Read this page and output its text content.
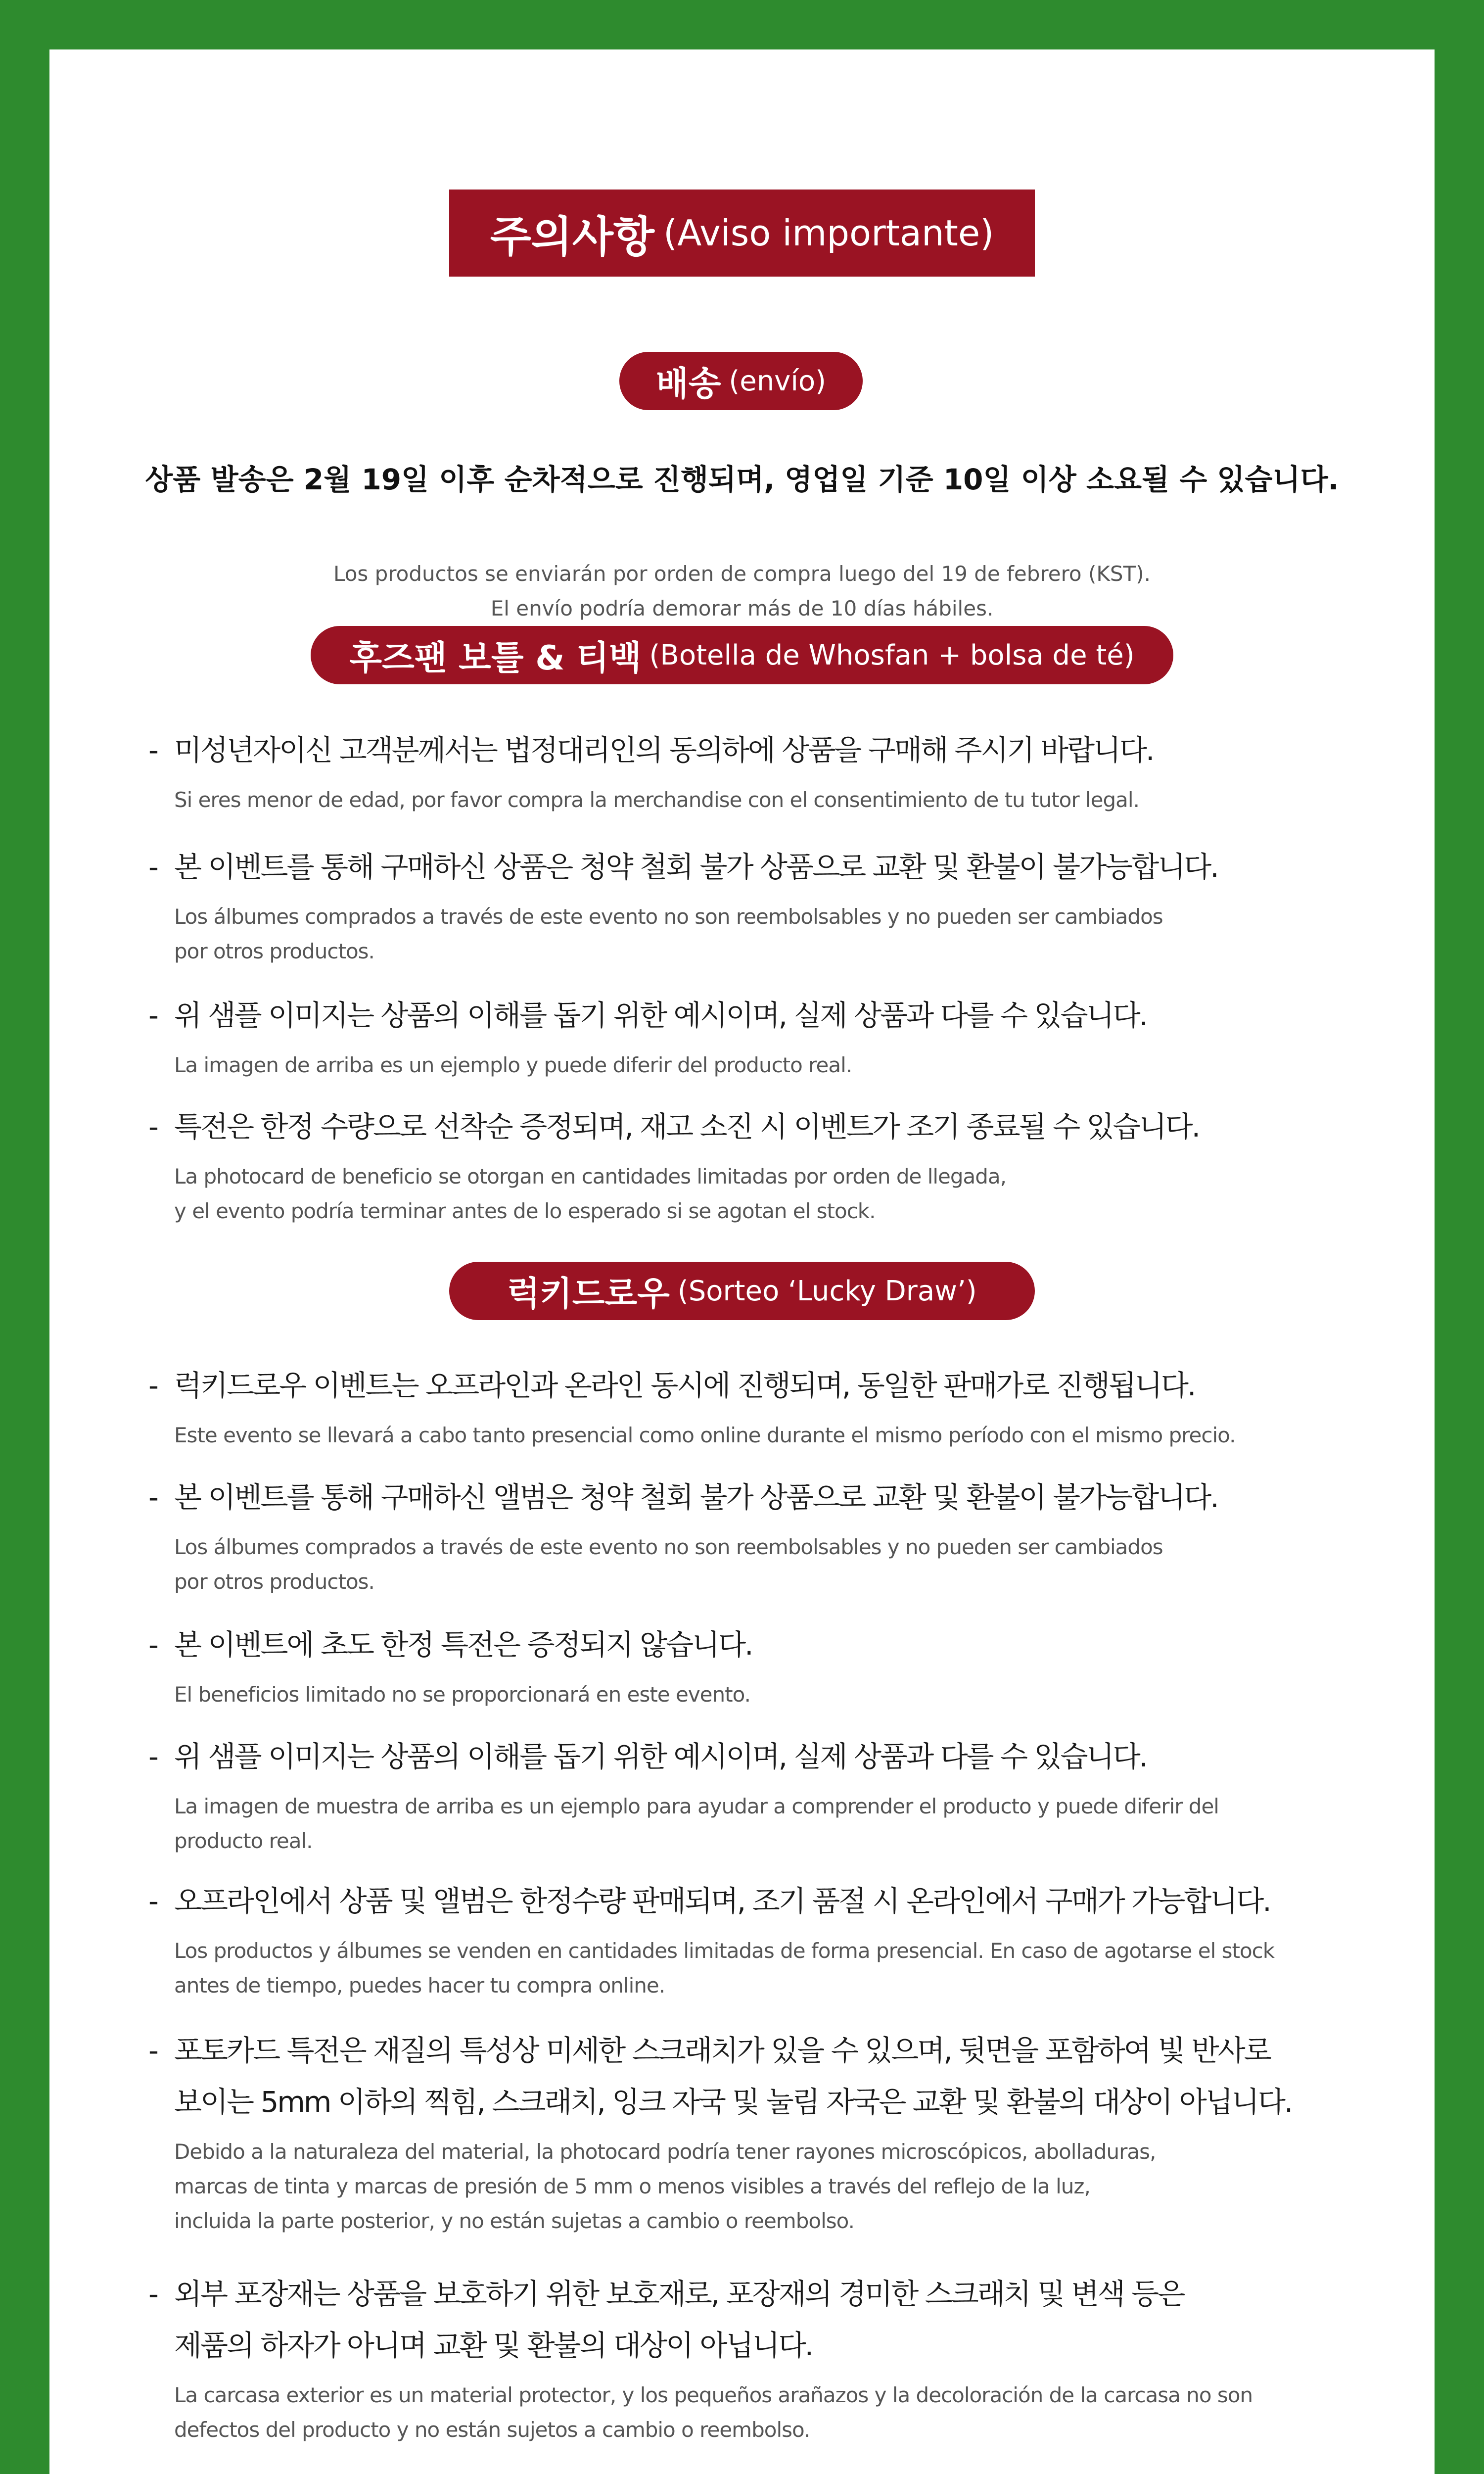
주의사항 (Aviso importante)
배송 (envío)
상품 발송은 2월 19일 이후 순차적으로 진행되며, 영업일 기준 10일 이상 소요될 수 있습니다.
Los productos se enviarán por orden de compra luego del 19 de febrero (KST).
El envío podría demorar más de 10 días hábiles.
후즈팬 보틀 & 티백 (Botella de Whosfan + bolsa de té)
- 미성년자이신 고객분께서는 법정대리인의 동의하에 상품을 구매해 주시기 바랍니다.
Si eres menor de edad, por favor compra la merchandise con el consentimiento de tu tutor legal.
- 본 이벤트를 통해 구매하신 상품은 청약 철회 불가 상품으로 교환 및 환불이 불가능합니다.
Los álbumes comprados a través de este evento no son reembolsables y no pueden ser cambiados
por otros productos.
- 위 샘플 이미지는 상품의 이해를 돕기 위한 예시이며, 실제 상품과 다를 수 있습니다.
La imagen de arriba es un ejemplo y puede diferir del producto real.
- 특전은 한정 수량으로 선착순 증정되며, 재고 소진 시 이벤트가 조기 종료될 수 있습니다.
La photocard de beneficio se otorgan en cantidades limitadas por orden de llegada,
y el evento podría terminar antes de lo esperado si se agotan el stock.
럭키드로우 (Sorteo ‘Lucky Draw’)
- 럭키드로우 이벤트는 오프라인과 온라인 동시에 진행되며, 동일한 판매가로 진행됩니다.
Este evento se llevará a cabo tanto presencial como online durante el mismo período con el mismo precio.
- 본 이벤트를 통해 구매하신 앨범은 청약 철회 불가 상품으로 교환 및 환불이 불가능합니다.
Los álbumes comprados a través de este evento no son reembolsables y no pueden ser cambiados
por otros productos.
- 본 이벤트에 초도 한정 특전은 증정되지 않습니다.
El beneficios limitado no se proporcionará en este evento.
- 위 샘플 이미지는 상품의 이해를 돕기 위한 예시이며, 실제 상품과 다를 수 있습니다.
La imagen de muestra de arriba es un ejemplo para ayudar a comprender el producto y puede diferir del
producto real.
- 오프라인에서 상품 및 앨범은 한정수량 판매되며, 조기 품절 시 온라인에서 구매가 가능합니다.
Los productos y álbumes se venden en cantidades limitadas de forma presencial. En caso de agotarse el stock
antes de tiempo, puedes hacer tu compra online.
- 포토카드 특전은 재질의 특성상 미세한 스크래치가 있을 수 있으며, 뒷면을 포함하여 빛 반사로
보이는 5mm 이하의 찍힘, 스크래치, 잉크 자국 및 눌림 자국은 교환 및 환불의 대상이 아닙니다.
Debido a la naturaleza del material, la photocard podría tener rayones microscópicos, abolladuras,
marcas de tinta y marcas de presión de 5 mm o menos visibles a través del reflejo de la luz,
incluida la parte posterior, y no están sujetas a cambio o reembolso.
- 외부 포장재는 상품을 보호하기 위한 보호재로, 포장재의 경미한 스크래치 및 변색 등은
제품의 하자가 아니며 교환 및 환불의 대상이 아닙니다.
La carcasa exterior es un material protector, y los pequeños arañazos y la decoloración de la carcasa no son
defectos del producto y no están sujetos a cambio o reembolso.
